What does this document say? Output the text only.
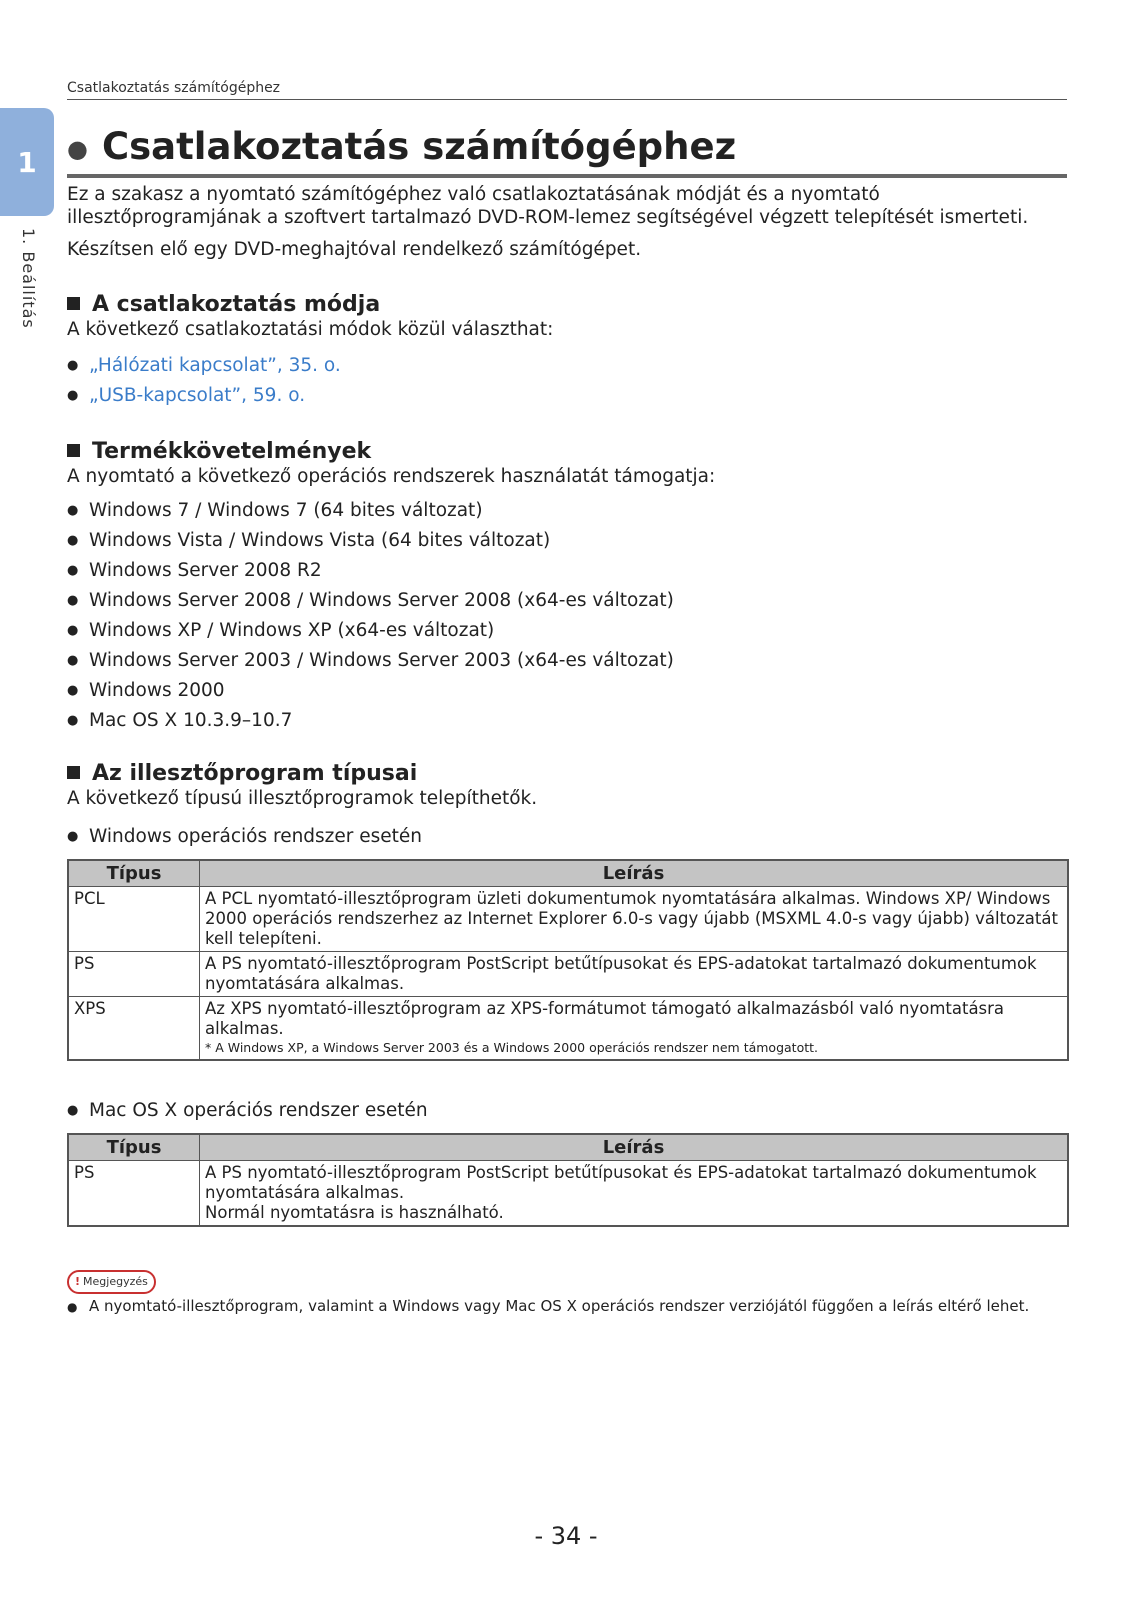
Csatlakoztatás számítógéphez
1
1. Beállítás
● Csatlakoztatás számítógéphez
Ez a szakasz a nyomtató számítógéphez való csatlakoztatásának módját és a nyomtató illesztőprogramjának a szoftvert tartalmazó DVD-ROM-lemez segítségével végzett telepítését ismerteti.
Készítsen elő egy DVD-meghajtóval rendelkező számítógépet.
A csatlakoztatás módja
A következő csatlakoztatási módok közül választhat:
● „Hálózati kapcsolat”, 35. o.
● „USB-kapcsolat”, 59. o.
Termékkövetelmények
A nyomtató a következő operációs rendszerek használatát támogatja:
● Windows 7 / Windows 7 (64 bites változat)
● Windows Vista / Windows Vista (64 bites változat)
● Windows Server 2008 R2
● Windows Server 2008 / Windows Server 2008 (x64-es változat)
● Windows XP / Windows XP (x64-es változat)
● Windows Server 2003 / Windows Server 2003 (x64-es változat)
● Windows 2000
● Mac OS X 10.3.9–10.7
Az illesztőprogram típusai
A következő típusú illesztőprogramok telepíthetők.
● Windows operációs rendszer esetén
Típus	Leírás
PCL	A PCL nyomtató-illesztőprogram üzleti dokumentumok nyomtatására alkalmas. Windows XP/ Windows 2000 operációs rendszerhez az Internet Explorer 6.0-s vagy újabb (MSXML 4.0-s vagy újabb) változatát kell telepíteni.
PS	A PS nyomtató-illesztőprogram PostScript betűtípusokat és EPS-adatokat tartalmazó dokumentumok nyomtatására alkalmas.
XPS	Az XPS nyomtató-illesztőprogram az XPS-formátumot támogató alkalmazásból való nyomtatásra alkalmas.
* A Windows XP, a Windows Server 2003 és a Windows 2000 operációs rendszer nem támogatott.
● Mac OS X operációs rendszer esetén
Típus	Leírás
PS	A PS nyomtató-illesztőprogram PostScript betűtípusokat és EPS-adatokat tartalmazó dokumentumok nyomtatására alkalmas.
Normál nyomtatásra is használható.
! Megjegyzés
● A nyomtató-illesztőprogram, valamint a Windows vagy Mac OS X operációs rendszer verziójától függően a leírás eltérő lehet.
- 34 -
